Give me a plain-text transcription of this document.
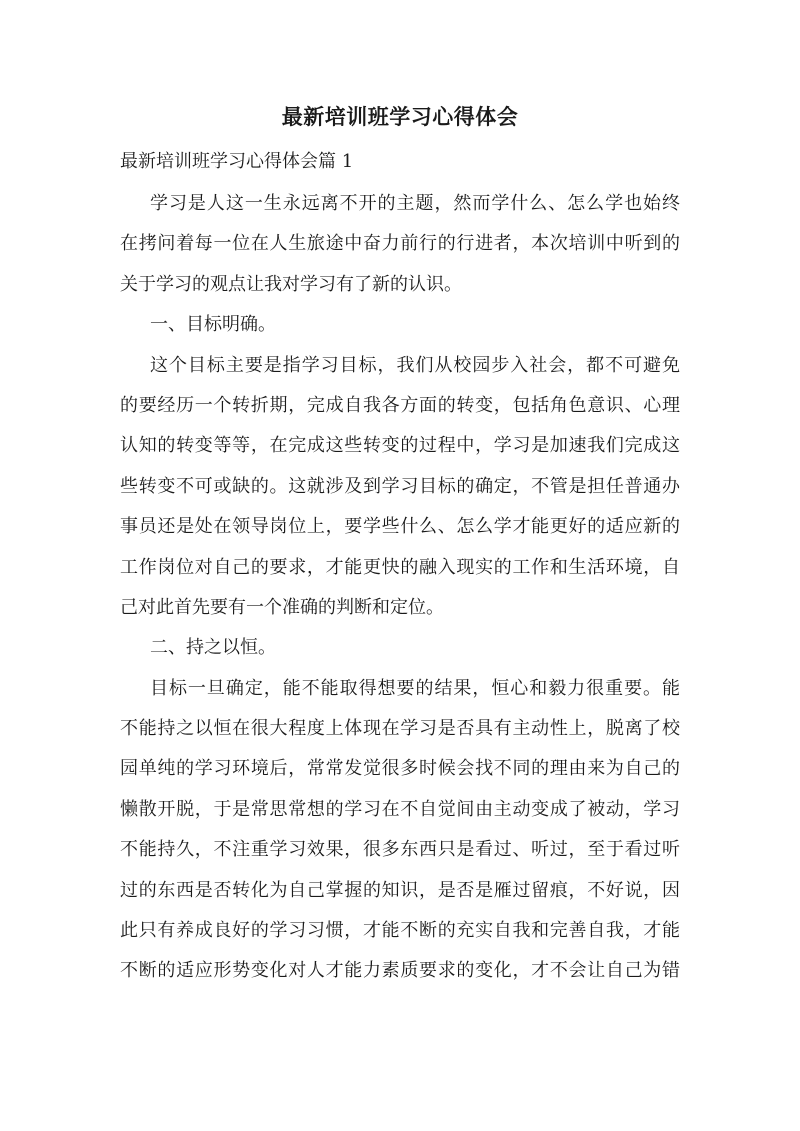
最新培训班学习心得体会
最新培训班学习心得体会篇 1
学习是人这一生永远离不开的主题，然而学什么、怎么学也始终
在拷问着每一位在人生旅途中奋力前行的行进者，本次培训中听到的
关于学习的观点让我对学习有了新的认识。
一、目标明确。
这个目标主要是指学习目标，我们从校园步入社会，都不可避免
的要经历一个转折期，完成自我各方面的转变，包括角色意识、心理
认知的转变等等，在完成这些转变的过程中，学习是加速我们完成这
些转变不可或缺的。这就涉及到学习目标的确定，不管是担任普通办
事员还是处在领导岗位上，要学些什么、怎么学才能更好的适应新的
工作岗位对自己的要求，才能更快的融入现实的工作和生活环境，自
己对此首先要有一个准确的判断和定位。
二、持之以恒。
目标一旦确定，能不能取得想要的结果，恒心和毅力很重要。能
不能持之以恒在很大程度上体现在学习是否具有主动性上，脱离了校
园单纯的学习环境后，常常发觉很多时候会找不同的理由来为自己的
懒散开脱，于是常思常想的学习在不自觉间由主动变成了被动，学习
不能持久，不注重学习效果，很多东西只是看过、听过，至于看过听
过的东西是否转化为自己掌握的知识，是否是雁过留痕，不好说，因
此只有养成良好的学习习惯，才能不断的充实自我和完善自我，才能
不断的适应形势变化对人才能力素质要求的变化，才不会让自己为错
